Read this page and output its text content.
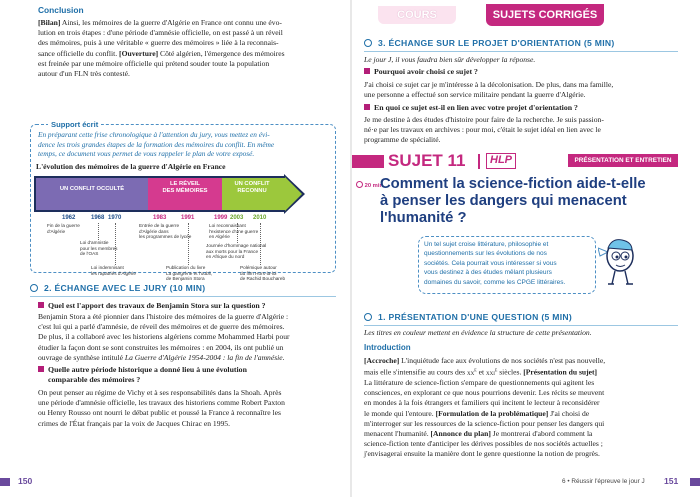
Conclusion
[Bilan] Ainsi, les mémoires de la guerre d'Algérie en France ont connu une évo-
lution en trois étapes : d'une période d'amnésie officielle, on est passé à un réveil
des mémoires, puis à une véritable « guerre des mémoires » liée à la reconnais-
sance officielle du conflit. [Ouverture] Côté algérien, l'émergence des mémoires
est freinée par une mémoire officielle qui prétend souder toute la population
autour d'un FLN très contesté.
Support écrit
En préparant cette frise chronologique à l'attention du jury, vous mettez en évi-
dence les trois grandes étapes de la formation des mémoires du conflit. En même
temps, ce document vous permet de vous rappeler le plan de votre exposé.
L'évolution des mémoires de la guerre d'Algérie en France
UN CONFLIT OCCULTÉ
LE RÉVEIL
DES MÉMOIRES
UN CONFLIT
RECONNU
1962	1968 1970	1983 1991	1999 2003 2010
Fin de la guerre
d'Algérie
Loi d'amnistie
pour les membres
de l'OAS
Loi indemnisant
les rapatriés d'Algérie
Entrée de la guerre
d'Algérie dans
les programmes de lycée
Publication du livre
La gangrène et l'oubli,
de Benjamin Stora
Loi reconnaissant
l'existence d'une guerre
en Algérie
Journée d'hommage national
aux morts pour la France
en Afrique du nord
Polémique autour
du film Hors-la-loi
de Rachid Bouchareb
2. ÉCHANGE AVEC LE JURY (10 MIN)
Quel est l'apport des travaux de Benjamin Stora sur la question ?
Benjamin Stora a été pionnier dans l'histoire des mémoires de la guerre d'Algérie :
c'est lui qui a parlé d'amnésie, de réveil des mémoires et de guerre des mémoires.
De plus, il a collaboré avec les historiens algériens comme Mohammed Harbi pour
étudier la façon dont se sont construites les mémoires : en 2004, ils ont publié un
ouvrage de synthèse intitulé La Guerre d'Algérie 1954-2004 : la fin de l'amnésie.
Quelle autre période historique a donné lieu à une évolution
comparable des mémoires ?
On peut penser au régime de Vichy et à ses responsabilités dans la Shoah. Après
une période d'amnésie officielle, les travaux des historiens comme Robert Paxton
ou Henry Rousso ont nourri le débat public et poussé la France à reconnaître les
crimes de l'État français par la voix de Jacques Chirac en 1995.
150
COURS	SUJETS CORRIGÉS
3. ÉCHANGE SUR LE PROJET D'ORIENTATION (5 MIN)
Le jour J, il vous faudra bien sûr développer la réponse.
Pourquoi avoir choisi ce sujet ?
J'ai choisi ce sujet car je m'intéresse à la décolonisation. De plus, dans ma famille,
une personne a effectué son service militaire pendant la guerre d'Algérie.
En quoi ce sujet est-il en lien avec votre projet d'orientation ?
Je me destine à des études d'histoire pour faire de la recherche. Je suis passion-
né·e par les travaux en archives : pour moi, c'était le sujet idéal en lien avec le
programme de spécialité.
SUJET 11	HLP	PRÉSENTATION ET ENTRETIEN
20 min
Comment la science-fiction aide-t-elle
à penser les dangers qui menacent
l'humanité ?
Un tel sujet croise littérature, philosophie et
questionnements sur les évolutions de nos
sociétés. Cela pourrait vous intéresser si vous
vous destinez à des études mêlant plusieurs
domaines du savoir, comme les CPGE littéraires.
1. PRÉSENTATION D'UNE QUESTION (5 MIN)
Les titres en couleur mettent en évidence la structure de cette présentation.
Introduction
[Accroche] L'inquiétude face aux évolutions de nos sociétés n'est pas nouvelle,
mais elle s'intensifie au cours des $xx^e$ et xxi$^e$ siècles. [Présentation du sujet]
La littérature de science-fiction s'empare de questionnements qui agitent les
consciences, en explorant ce que nous pourrions devenir. Les récits se meuvent
en mondes à la fois étrangers et familiers qui incitent le lecteur à reconsidérer
le monde qui l'entoure. [Formulation de la problématique] J'ai choisi de
m'interroger sur les ressources de la science-fiction pour penser les dangers qui
menacent l'humanité. [Annonce du plan] Je montrerai d'abord comment la
science-fiction tente d'anticiper les dérives possibles de nos sociétés actuelles ;
j'envisagerai ensuite la manière dont le genre questionne la notion de progrès.
6 • Réussir l'épreuve le jour J 151
